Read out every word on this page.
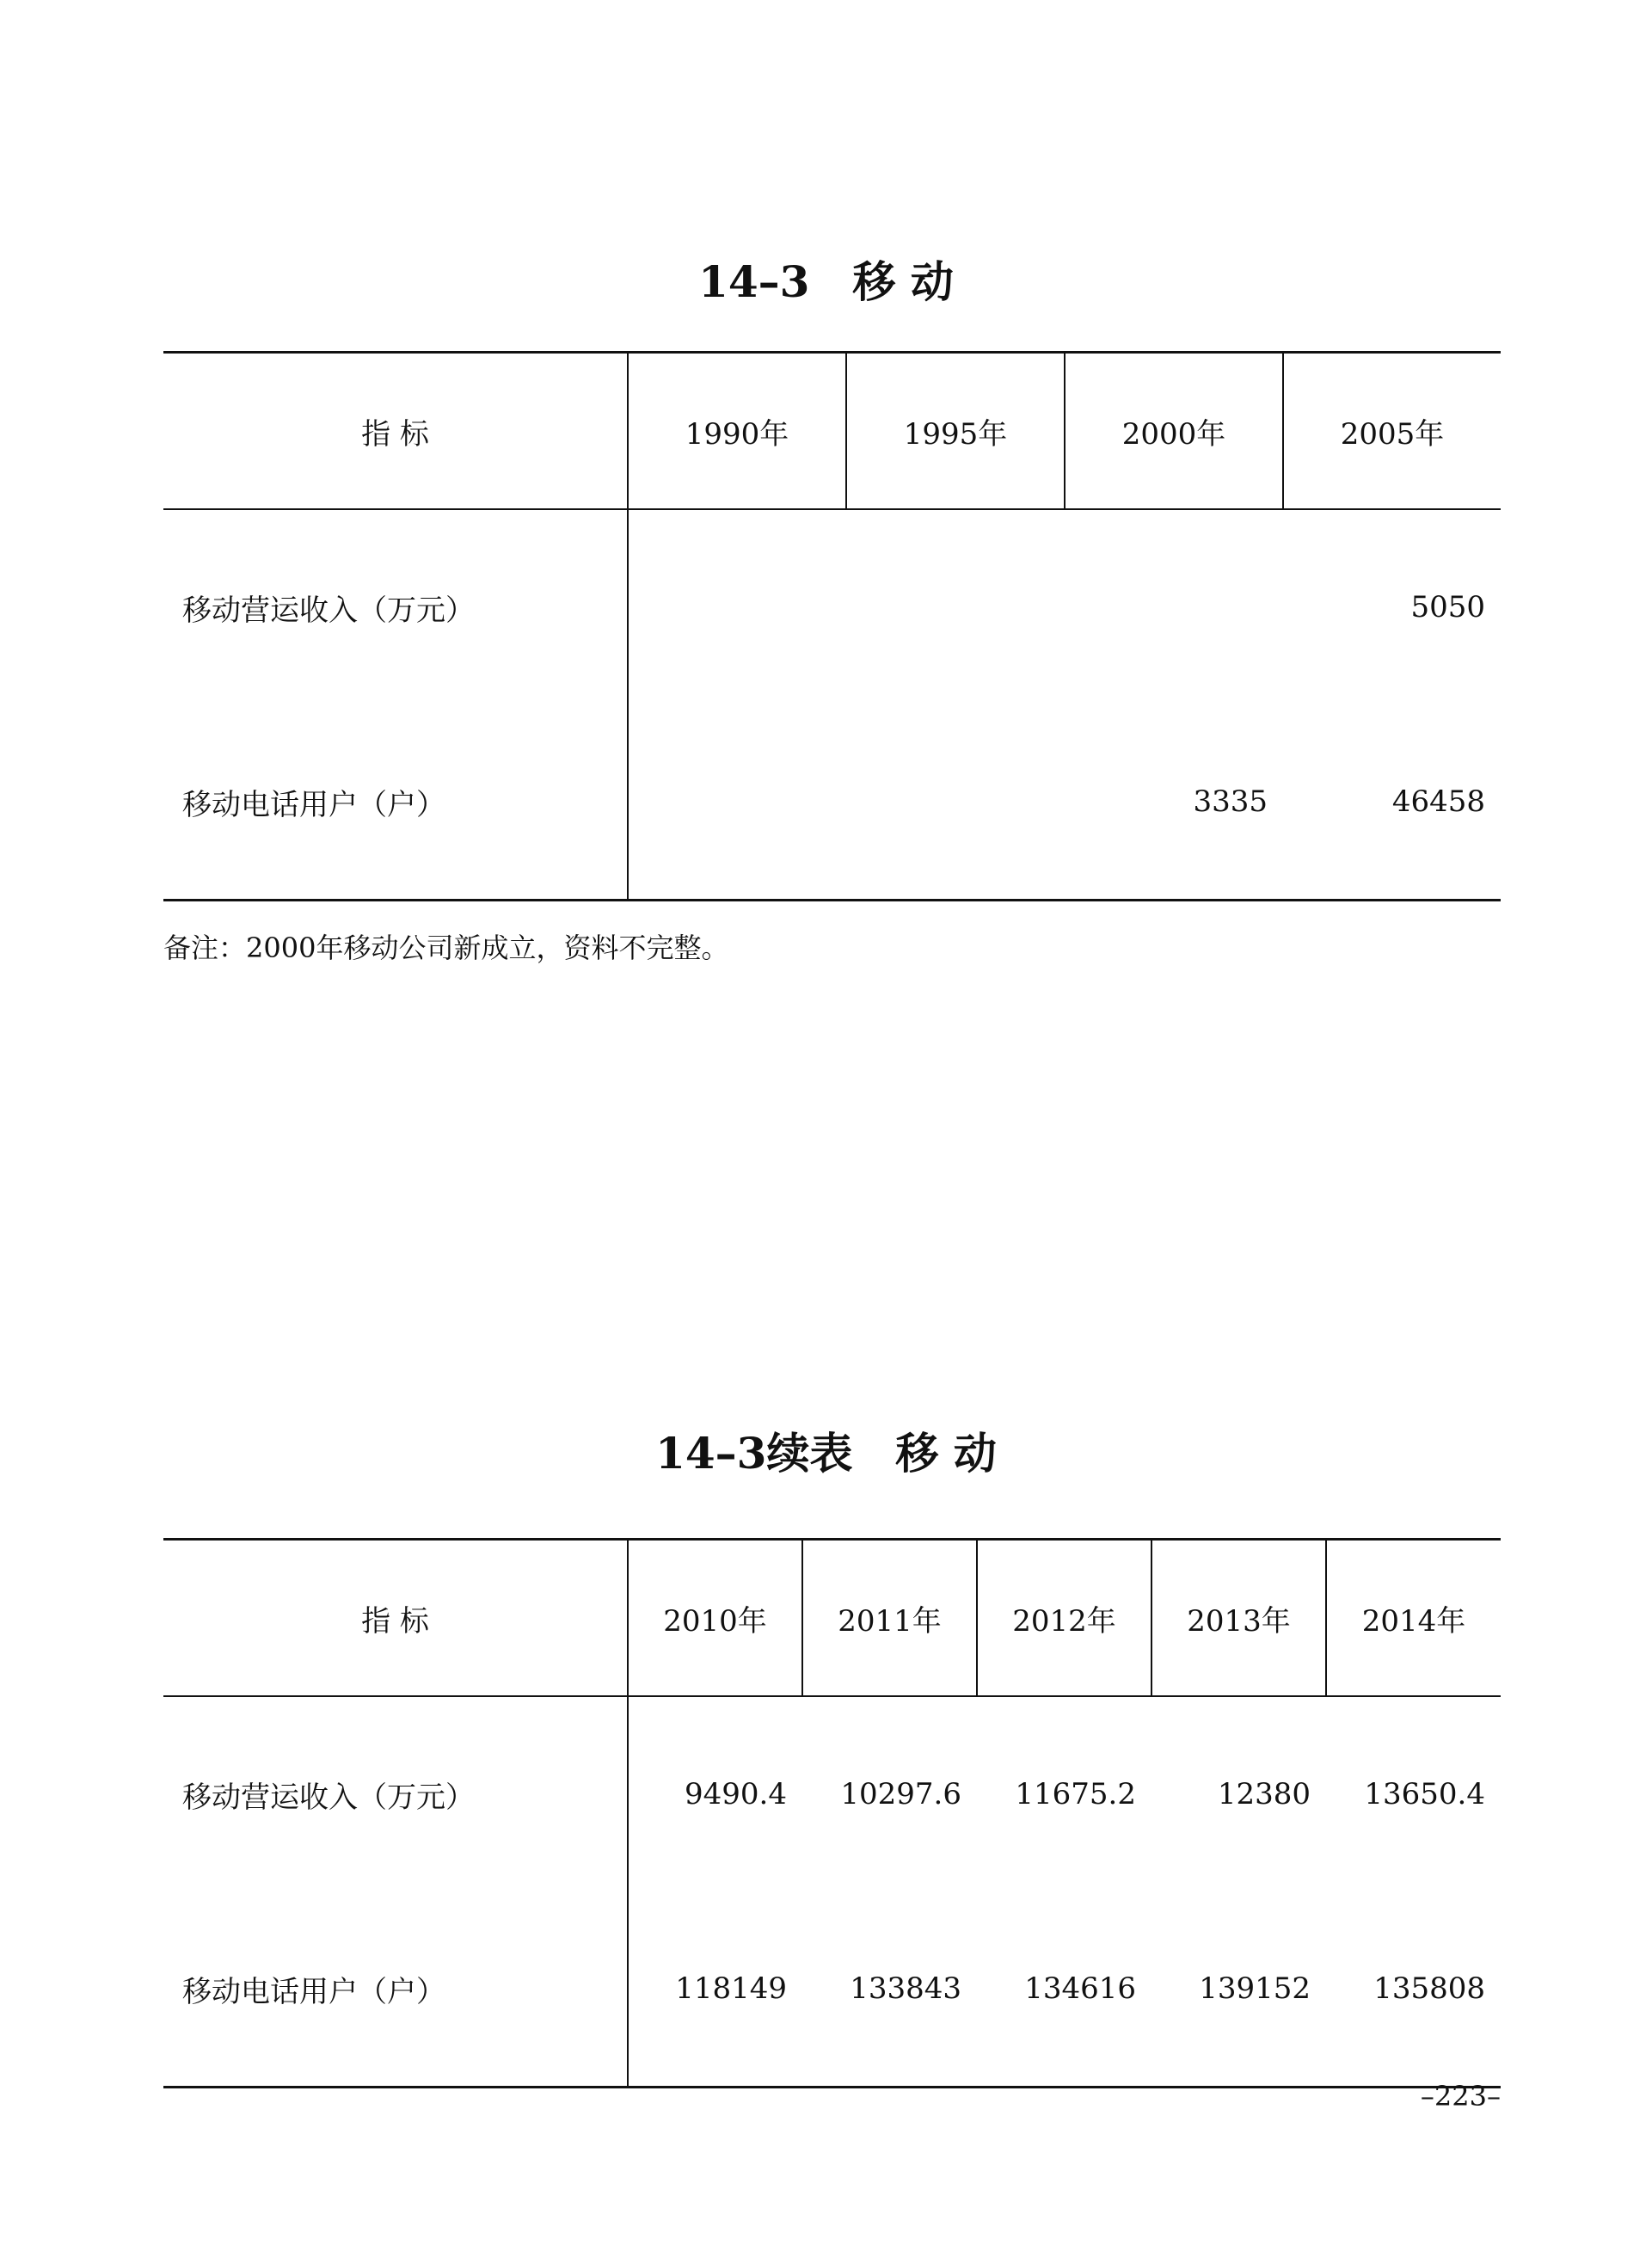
14–3 移 动
指 标	1990年	1995年	2000年	2005年
移动营运收入（万元）				5050
移动电话用户（户）			3335	46458
备注：2000年移动公司新成立，资料不完整。
14–3续表 移 动
指 标	2010年	2011年	2012年	2013年	2014年
移动营运收入（万元）	9490.4	10297.6	11675.2	12380	13650.4
移动电话用户（户）	118149	133843	134616	139152	135808
–223–
